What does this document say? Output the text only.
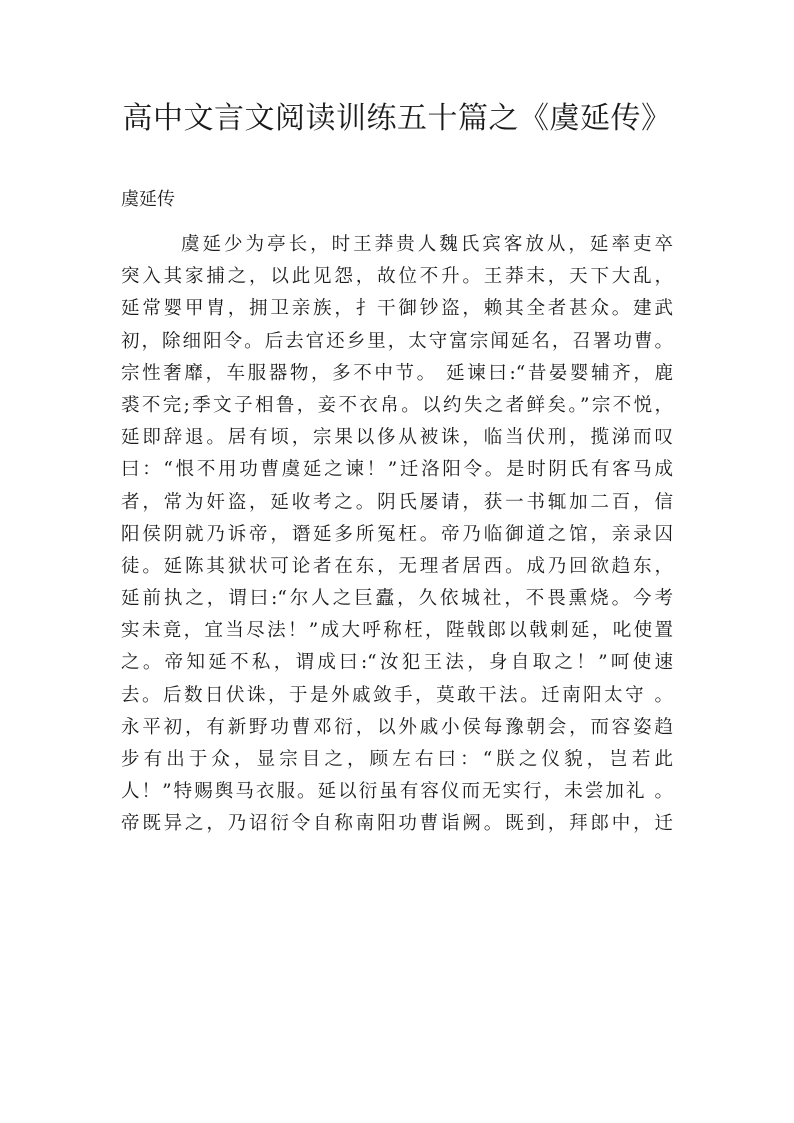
高中文言文阅读训练五十篇之《虞延传》

虞延传

虞延少为亭长，时王莽贵人魏氏宾客放从，延率吏卒
突入其家捕之，以此见怨，故位不升。王莽末，天下大乱，
延常婴甲胄，拥卫亲族，扌干御钞盗，赖其全者甚众。建武
初，除细阳令。后去官还乡里，太守富宗闻延名，召署功曹。
宗性奢靡，车服器物，多不中节。 延谏曰:“昔晏婴辅齐，鹿
裘不完;季文子相鲁，妾不衣帛。以约失之者鲜矣。”宗不悦，
延即辞退。居有顷，宗果以侈从被诛，临当伏刑，揽涕而叹
曰：“恨不用功曹虞延之谏！”迁洛阳令。是时阴氏有客马成
者，常为奸盗，延收考之。阴氏屡请，获一书辄加二百，信
阳侯阴就乃诉帝，谮延多所冤枉。帝乃临御道之馆，亲录囚
徒。延陈其狱状可论者在东，无理者居西。成乃回欲趋东，
延前执之，谓曰:“尔人之巨蠹，久依城社，不畏熏烧。今考
实未竟，宜当尽法！”成大呼称枉，陛戟郎以戟刺延，叱使置
之。帝知延不私，谓成曰:“汝犯王法，身自取之！”呵使速
去。后数日伏诛，于是外戚敛手，莫敢干法。迁南阳太守 。
永平初，有新野功曹邓衍，以外戚小侯每豫朝会，而容姿趋
步有出于众，显宗目之，顾左右曰：“朕之仪貌，岂若此
人！”特赐舆马衣服。延以衍虽有容仪而无实行，未尝加礼 。
帝既异之，乃诏衍令自称南阳功曹诣阙。既到，拜郎中，迁
